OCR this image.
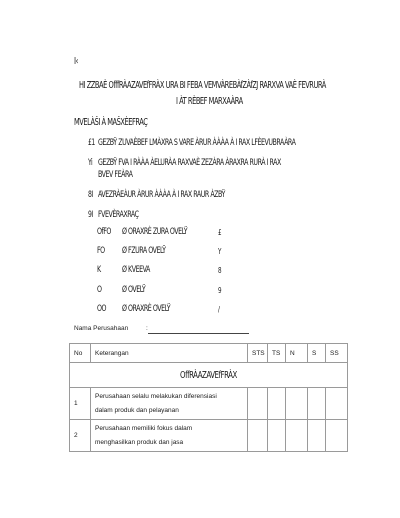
I‹
HI ZZBAÈ OfffRÀAZAVEfFRÀX URA BI FEBA VEMVÀREBÀfZÀfZJ RARXVA VAÈ FEVRURÀ
I ÀT RÈBEF MARXAÀRA
MVELÀŠI À MAŠXÈEFRAÇ
£1 GEZBŸ ZUVAÈBEF LMÀXRA S VARE ÀRUR ÀÀÀA À I RAX LFÈEVUBRAÀRA
Yi GEZBŸ FVA I RÀÀA ÀELURÀA RAXVAÈ ZEZÀRA ÀRAXRA RURÀ I RAX
BVEV FEÀRA
8I AVEZRÀEÀUR ÀRUR ÀÀÀA À I RAX RAUR ÀZBŸ
9I FVEVÈRAXRAÇ
OfFO Ø ORAXRÈ ZURA OVELŸ	£
FO Ø FZURA OVELŸ	Y
K Ø KVEEVA	8
O Ø OVELŸ	9
OO Ø ORAXRÈ OVELŸ	/
Nama Perusahaan	:
No	Keterangan	STS	TS	N	S	SS
OffRÀAZAVEfFRÀX						
1	Perusahaan selalu melakukan diferensiasi
dalam produk dan pelayanan					

2	Perusahaan memiliki fokus dalam
menghasilkan produk dan jasa					
